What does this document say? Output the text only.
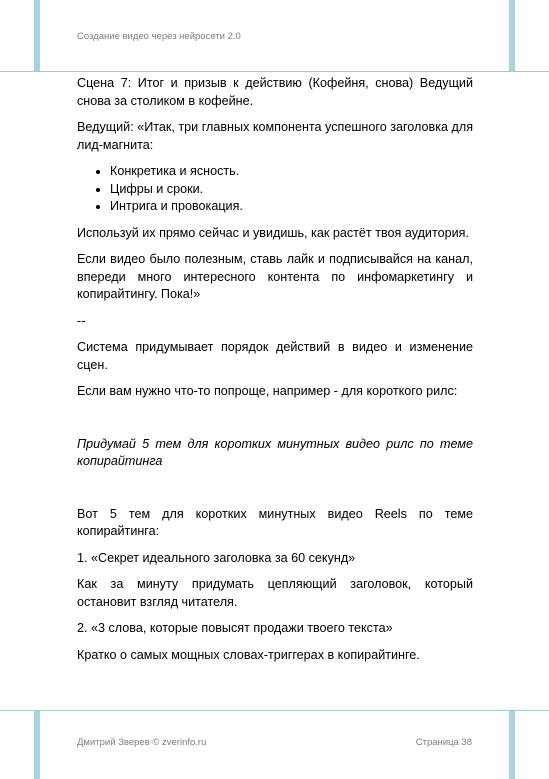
Создание видео через нейросети 2.0

Сцена 7: Итог и призыв к действию (Кофейня, снова) Ведущий снова за столиком в кофейне.

Ведущий: «Итак, три главных компонента успешного заголовка для лид-магнита:

• Конкретика и ясность.
• Цифры и сроки.
• Интрига и провокация.

Используй их прямо сейчас и увидишь, как растёт твоя аудитория.

Если видео было полезным, ставь лайк и подписывайся на канал, впереди много интересного контента по инфомаркетингу и копирайтингу. Пока!»

--

Система придумывает порядок действий в видео и изменение сцен.

Если вам нужно что-то попроще, например - для короткого рилс:

Придумай 5 тем для коротких минутных видео рилс по теме копирайтинга

Вот 5 тем для коротких минутных видео Reels по теме копирайтинга:

1. «Секрет идеального заголовка за 60 секунд»

Как за минуту придумать цепляющий заголовок, который остановит взгляд читателя.

2. «3 слова, которые повысят продажи твоего текста»

Кратко о самых мощных словах-триггерах в копирайтинге.

Дмитрий Зверев © zverinfo.ru	Страница 38
